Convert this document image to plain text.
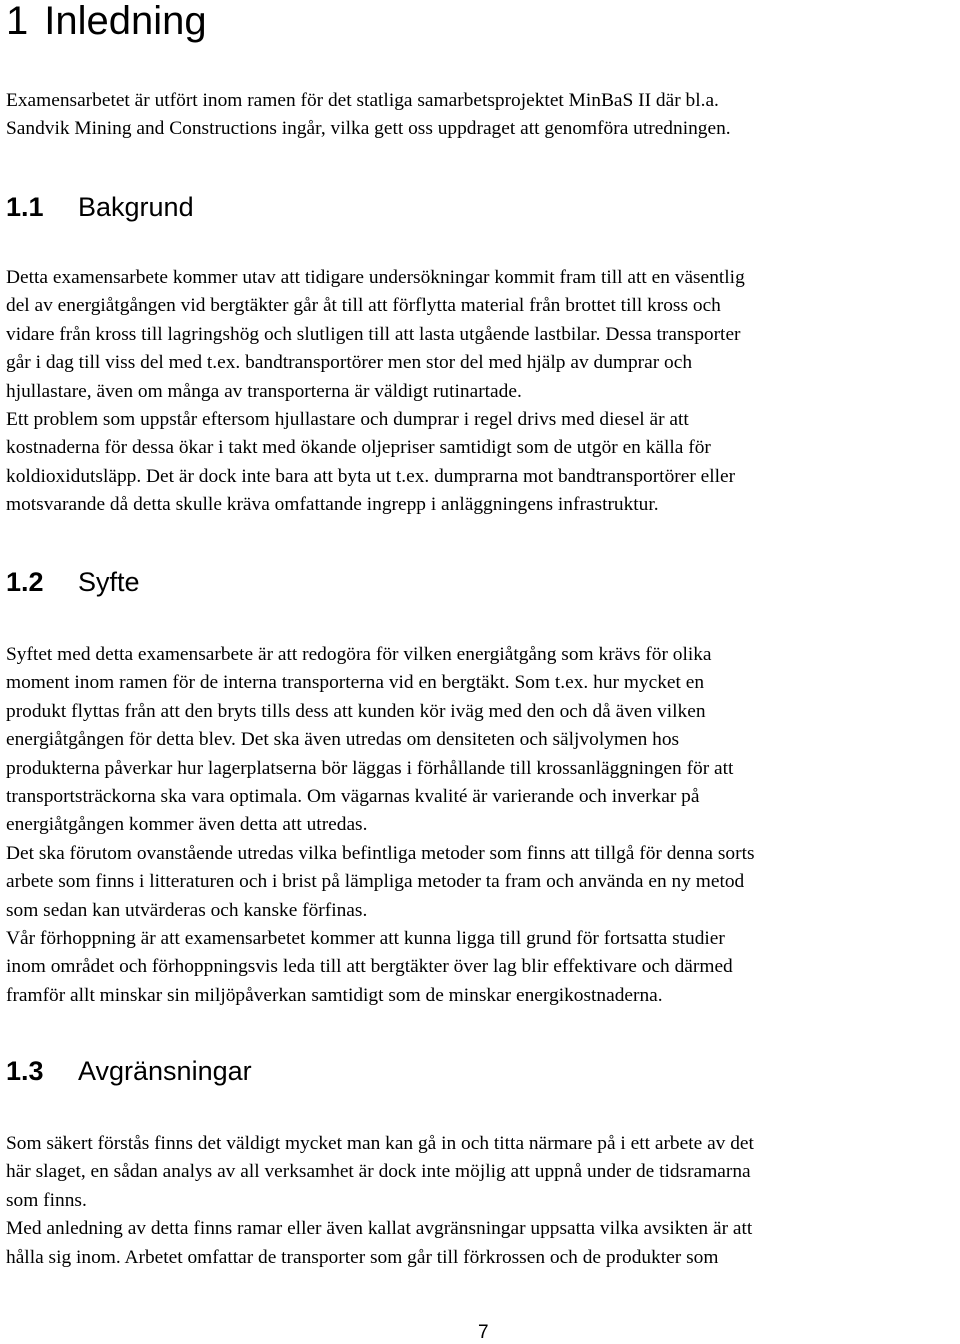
1 Inledning

Examensarbetet är utfört inom ramen för det statliga samarbetsprojektet MinBaS II där bl.a.
Sandvik Mining and Constructions ingår, vilka gett oss uppdraget att genomföra utredningen.

1.1 Bakgrund

Detta examensarbete kommer utav att tidigare undersökningar kommit fram till att en väsentlig
del av energiåtgången vid bergtäkter går åt till att förflytta material från brottet till kross och
vidare från kross till lagringshög och slutligen till att lasta utgående lastbilar. Dessa transporter
går i dag till viss del med t.ex. bandtransportörer men stor del med hjälp av dumprar och
hjullastare, även om många av transporterna är väldigt rutinartade.
Ett problem som uppstår eftersom hjullastare och dumprar i regel drivs med diesel är att
kostnaderna för dessa ökar i takt med ökande oljepriser samtidigt som de utgör en källa för
koldioxidutsläpp. Det är dock inte bara att byta ut t.ex. dumprarna mot bandtransportörer eller
motsvarande då detta skulle kräva omfattande ingrepp i anläggningens infrastruktur.

1.2 Syfte

Syftet med detta examensarbete är att redogöra för vilken energiåtgång som krävs för olika
moment inom ramen för de interna transporterna vid en bergtäkt. Som t.ex. hur mycket en
produkt flyttas från att den bryts tills dess att kunden kör iväg med den och då även vilken
energiåtgången för detta blev. Det ska även utredas om densiteten och säljvolymen hos
produkterna påverkar hur lagerplatserna bör läggas i förhållande till krossanläggningen för att
transportsträckorna ska vara optimala. Om vägarnas kvalité är varierande och inverkar på
energiåtgången kommer även detta att utredas.
Det ska förutom ovanstående utredas vilka befintliga metoder som finns att tillgå för denna sorts
arbete som finns i litteraturen och i brist på lämpliga metoder ta fram och använda en ny metod
som sedan kan utvärderas och kanske förfinas.
Vår förhoppning är att examensarbetet kommer att kunna ligga till grund för fortsatta studier
inom området och förhoppningsvis leda till att bergtäkter över lag blir effektivare och därmed
framför allt minskar sin miljöpåverkan samtidigt som de minskar energikostnaderna.

1.3 Avgränsningar

Som säkert förstås finns det väldigt mycket man kan gå in och titta närmare på i ett arbete av det
här slaget, en sådan analys av all verksamhet är dock inte möjlig att uppnå under de tidsramarna
som finns.
Med anledning av detta finns ramar eller även kallat avgränsningar uppsatta vilka avsikten är att
hålla sig inom. Arbetet omfattar de transporter som går till förkrossen och de produkter som

7
